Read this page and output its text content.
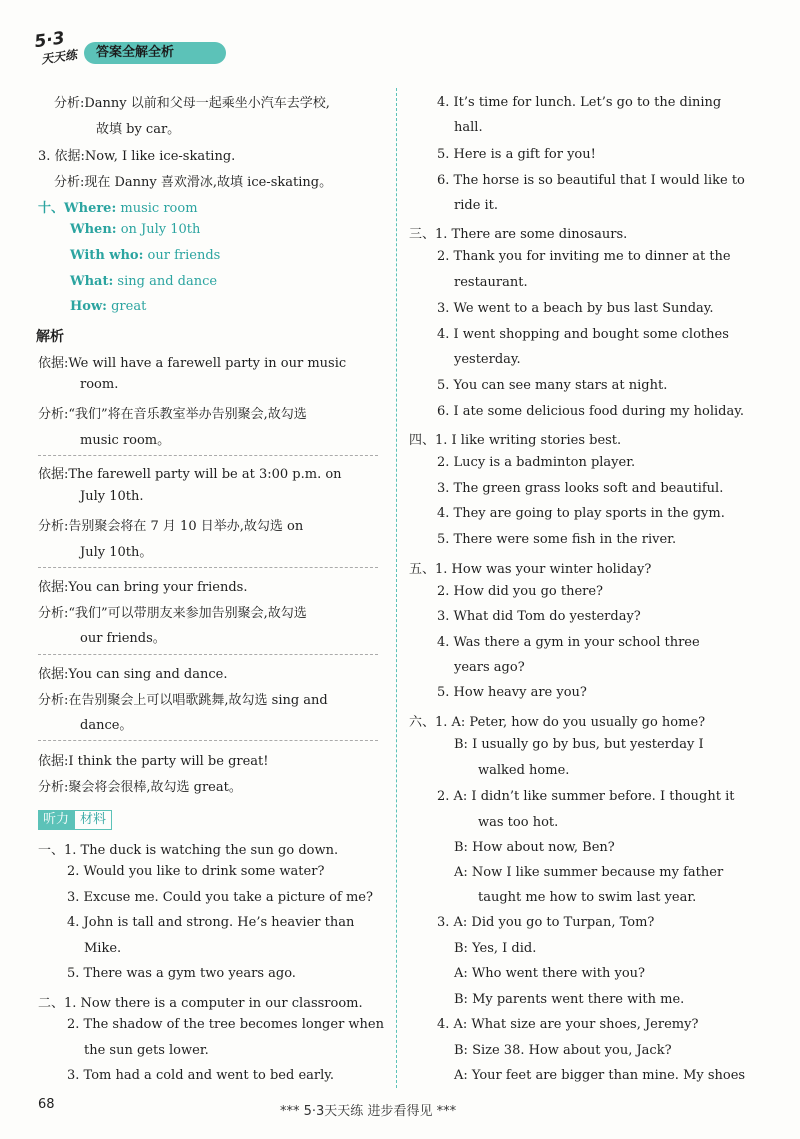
5·3
天天练	答案全解全析
分析:Danny 以前和父母一起乘坐小汽车去学校,
故填 by car。
3. 依据:Now, I like ice-skating.
分析:现在 Danny 喜欢滑冰,故填 ice-skating。
十、Where: music room
When: on July 10th
With who: our friends
What: sing and dance
How: great
解析
依据:We will have a farewell party in our music
room.
分析:“我们”将在音乐教室举办告别聚会,故勾选
music room。
依据:The farewell party will be at 3:00 p.m. on
July 10th.
分析:告别聚会将在 7 月 10 日举办,故勾选 on
July 10th。
依据:You can bring your friends.
分析:“我们”可以带朋友来参加告别聚会,故勾选
our friends。
依据:You can sing and dance.
分析:在告别聚会上可以唱歌跳舞,故勾选 sing and
dance。
依据:I think the party will be great!
分析:聚会将会很棒,故勾选 great。
听力 材料
一、1. The duck is watching the sun go down.
2. Would you like to drink some water?
3. Excuse me. Could you take a picture of me?
4. John is tall and strong. He’s heavier than
Mike.
5. There was a gym two years ago.
二、1. Now there is a computer in our classroom.
2. The shadow of the tree becomes longer when
the sun gets lower.
3. Tom had a cold and went to bed early.
4. It’s time for lunch. Let’s go to the dining
hall.
5. Here is a gift for you!
6. The horse is so beautiful that I would like to
ride it.
三、1. There are some dinosaurs.
2. Thank you for inviting me to dinner at the
restaurant.
3. We went to a beach by bus last Sunday.
4. I went shopping and bought some clothes
yesterday.
5. You can see many stars at night.
6. I ate some delicious food during my holiday.
四、1. I like writing stories best.
2. Lucy is a badminton player.
3. The green grass looks soft and beautiful.
4. They are going to play sports in the gym.
5. There were some fish in the river.
五、1. How was your winter holiday?
2. How did you go there?
3. What did Tom do yesterday?
4. Was there a gym in your school three
years ago?
5. How heavy are you?
六、1. A: Peter, how do you usually go home?
B: I usually go by bus, but yesterday I
walked home.
2. A: I didn’t like summer before. I thought it
was too hot.
B: How about now, Ben?
A: Now I like summer because my father
taught me how to swim last year.
3. A: Did you go to Turpan, Tom?
B: Yes, I did.
A: Who went there with you?
B: My parents went there with me.
4. A: What size are your shoes, Jeremy?
B: Size 38. How about you, Jack?
A: Your feet are bigger than mine. My shoes
68	*** 5·3天天练 进步看得见 ***
